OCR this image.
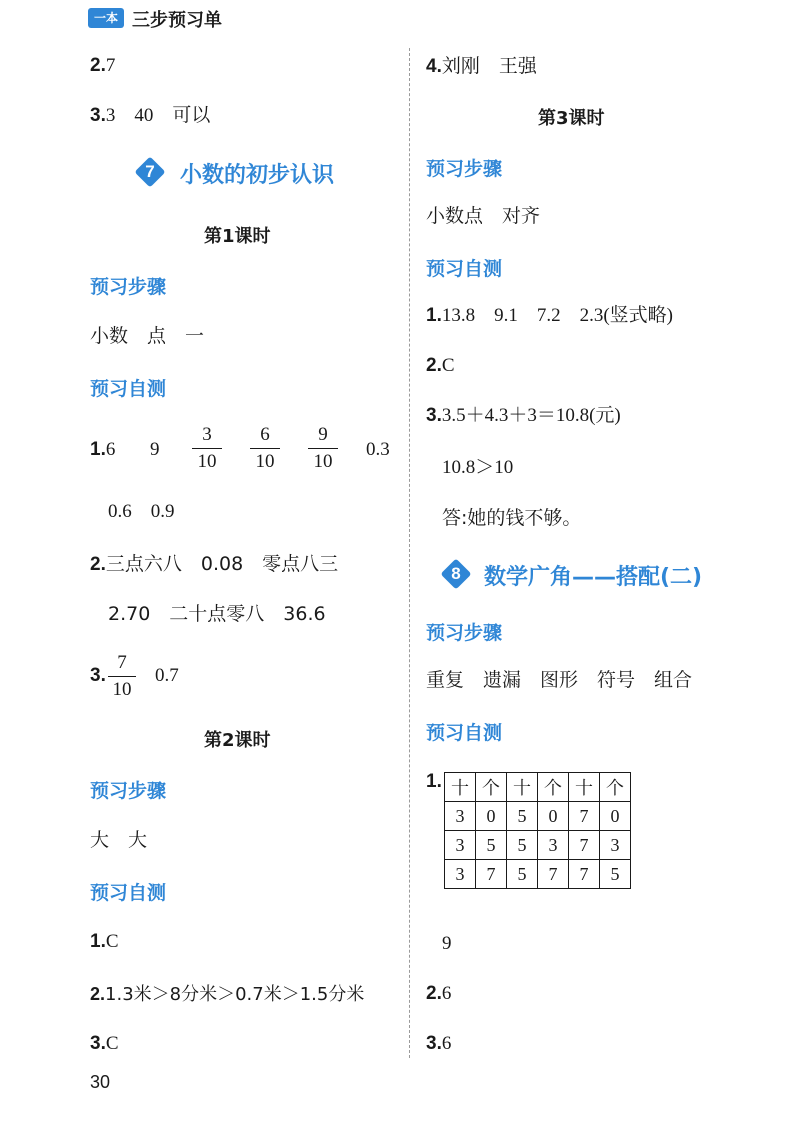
一本 三步预习单
2.7
3.3　40　可以
7	小数的初步认识
第1课时
预习步骤
小数　点　一
预习自测
1.6 9
3
10
6
10
9
10
0.3
0.6　0.9
2.三点六八　0.08　零点八三
2.70　二十点零八　36.6
3.
7
10
0.7
第2课时
预习步骤
大　大
预习自测
1.C
2.1.3米＞8分米＞0.7米＞1.5分米
3.C
30
4.刘刚　王强
第3课时
预习步骤
小数点　对齐
预习自测
1.13.8　9.1　7.2　2.3(竖式略)
2.C
3.3.5＋4.3＋3＝10.8(元)
10.8＞10
答:她的钱不够。
8	数学广角——搭配(二)
预习步骤
重复　遗漏　图形　符号　组合
预习自测
1. 十	个	十	个	十	个
3	0	5	0	7	0
3	5	5	3	7	3
3	7	5	7	7	5
9
2.6
3.6
